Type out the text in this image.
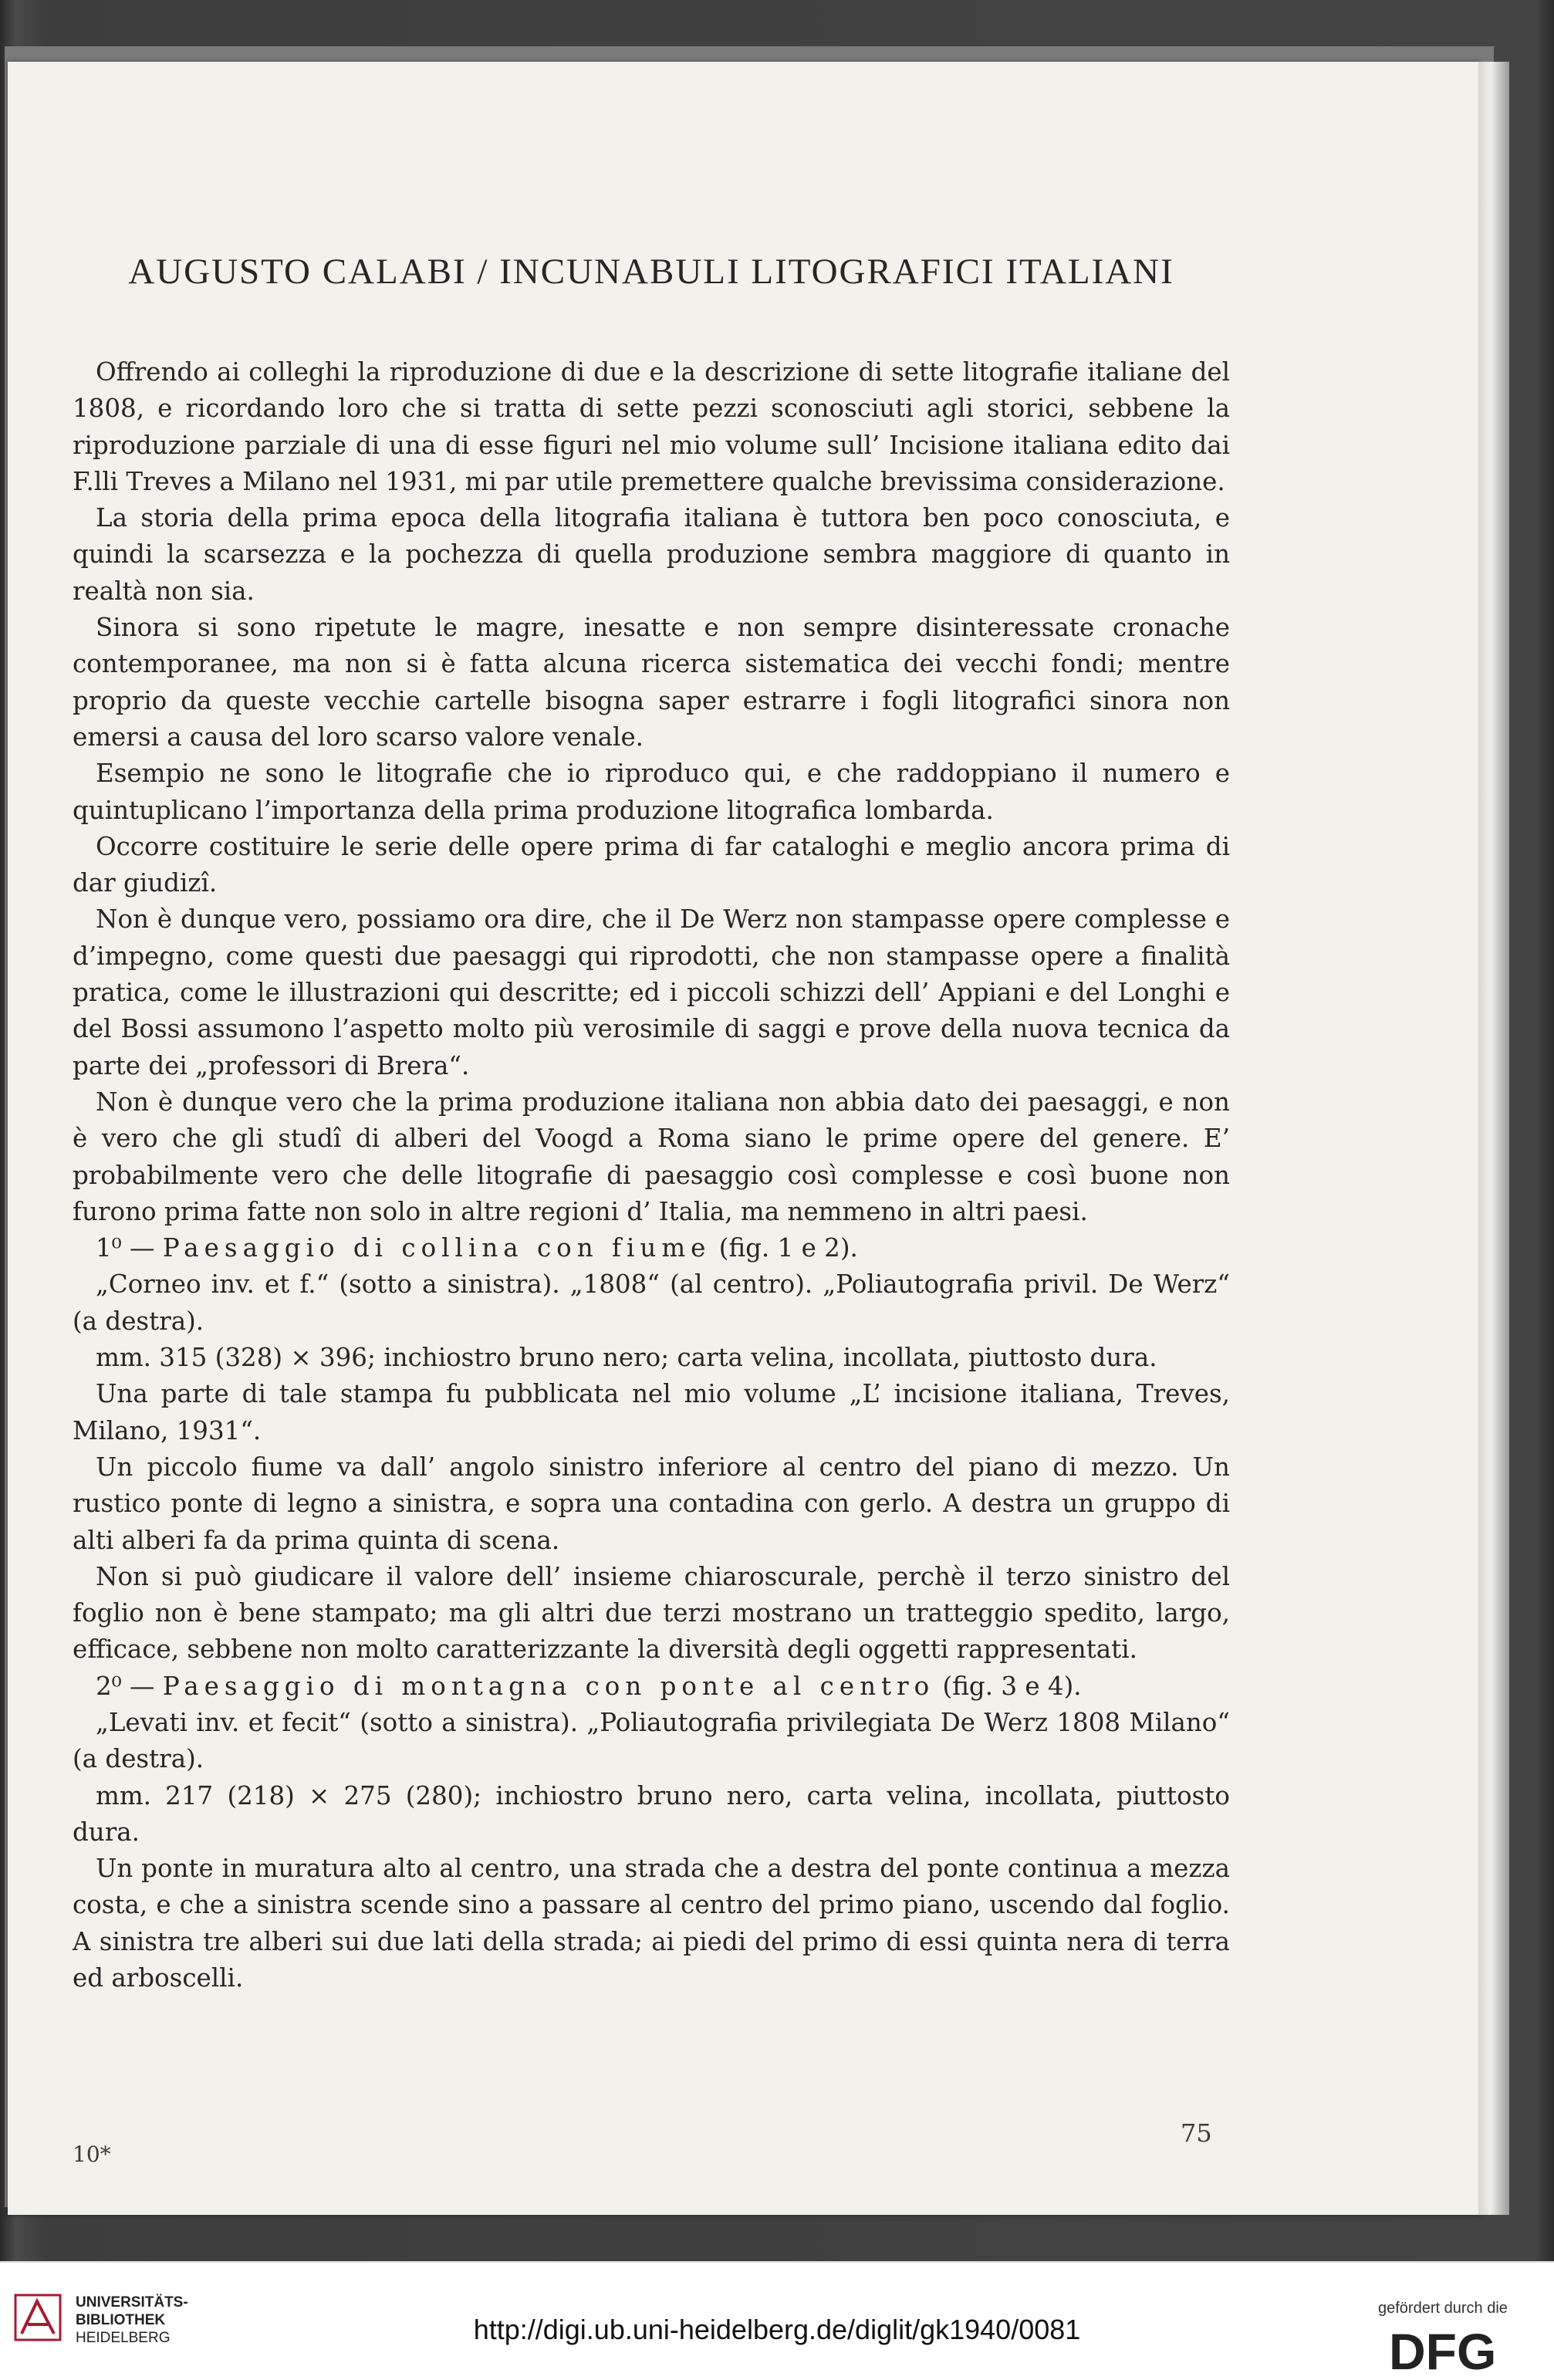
AUGUSTO CALABI / INCUNABULI LITOGRAFICI ITALIANI

Offrendo ai colleghi la riproduzione di due e la descrizione di sette litografie italiane del 1808, e ricordando loro che si tratta di sette pezzi sconosciuti agli storici, sebbene la riproduzione parziale di una di esse figuri nel mio volume sull’ Incisione italiana edito dai F.lli Treves a Milano nel 1931, mi par utile premettere qualche brevissima considerazione.

La storia della prima epoca della litografia italiana è tuttora ben poco conosciuta, e quindi la scarsezza e la pochezza di quella produzione sembra maggiore di quanto in realtà non sia.

Sinora si sono ripetute le magre, inesatte e non sempre disinteressate cronache contemporanee, ma non si è fatta alcuna ricerca sistematica dei vecchi fondi; mentre proprio da queste vecchie cartelle bisogna saper estrarre i fogli litografici sinora non emersi a causa del loro scarso valore venale.

Esempio ne sono le litografie che io riproduco qui, e che raddoppiano il numero e quintuplicano l’importanza della prima produzione litografica lombarda.

Occorre costituire le serie delle opere prima di far cataloghi e meglio ancora prima di dar giudizî.

Non è dunque vero, possiamo ora dire, che il De Werz non stampasse opere complesse e d’impegno, come questi due paesaggi qui riprodotti, che non stampasse opere a finalità pratica, come le illustrazioni qui descritte; ed i piccoli schizzi dell’ Appiani e del Longhi e del Bossi assumono l’aspetto molto più verosimile di saggi e prove della nuova tecnica da parte dei „professori di Brera“.

Non è dunque vero che la prima produzione italiana non abbia dato dei paesaggi, e non è vero che gli studî di alberi del Voogd a Roma siano le prime opere del genere. E’ probabilmente vero che delle litografie di paesaggio così complesse e così buone non furono prima fatte non solo in altre regioni d’ Italia, ma nemmeno in altri paesi.

1⁰ — Paesaggio di collina con fiume (fig. 1 e 2).

„Corneo inv. et f.“ (sotto a sinistra). „1808“ (al centro). „Poliautografia privil. De Werz“ (a destra).

mm. 315 (328) × 396; inchiostro bruno nero; carta velina, incollata, piuttosto dura.

Una parte di tale stampa fu pubblicata nel mio volume „L’ incisione italiana, Treves, Milano, 1931“.

Un piccolo fiume va dall’ angolo sinistro inferiore al centro del piano di mezzo. Un rustico ponte di legno a sinistra, e sopra una contadina con gerlo. A destra un gruppo di alti alberi fa da prima quinta di scena.

Non si può giudicare il valore dell’ insieme chiaroscurale, perchè il terzo sinistro del foglio non è bene stampato; ma gli altri due terzi mostrano un tratteggio spedito, largo, efficace, sebbene non molto caratterizzante la diversità degli oggetti rappresentati.

2⁰ — Paesaggio di montagna con ponte al centro (fig. 3 e 4).

„Levati inv. et fecit“ (sotto a sinistra). „Poliautografia privilegiata De Werz 1808 Milano“ (a destra).

mm. 217 (218) × 275 (280); inchiostro bruno nero, carta velina, incollata, piuttosto dura.

Un ponte in muratura alto al centro, una strada che a destra del ponte continua a mezza costa, e che a sinistra scende sino a passare al centro del primo piano, uscendo dal foglio. A sinistra tre alberi sui due lati della strada; ai piedi del primo di essi quinta nera di terra ed arboscelli.

75
10*
UNIVERSITÄTS-
BIBLIOTHEK
HEIDELBERG	http://digi.ub.uni-heidelberg.de/diglit/gk1940/0081
gefördert durch die
DFG
